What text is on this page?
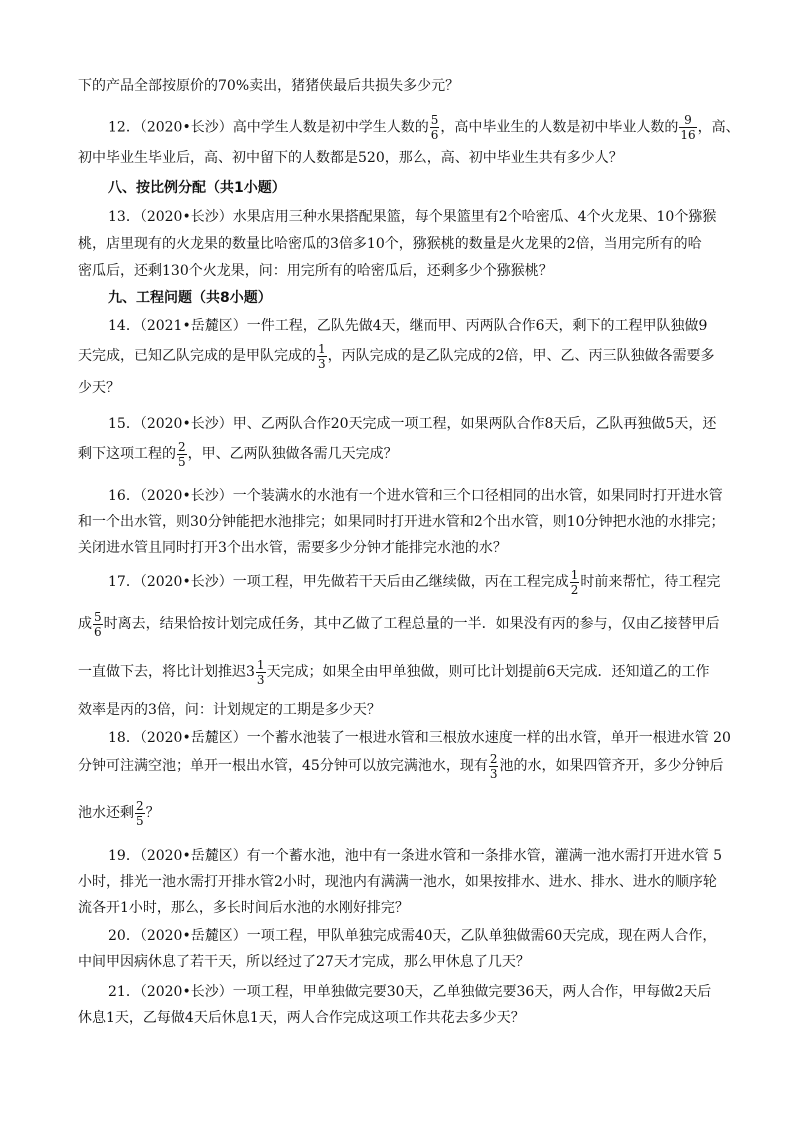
下的产品全部按原价的70%卖出，猪猪侠最后共损失多少元？
12．（2020•长沙）高中学生人数是初中学生人数的 $\frac{5}{6}$ ，高中毕业生的人数是初中毕业人数的 $\frac{9}{16}$ ，高、
初中毕业生毕业后，高、初中留下的人数都是520，那么，高、初中毕业生共有多少人？
八、按比例分配（共1小题）
13．（2020•长沙）水果店用三种水果搭配果篮，每个果篮里有2个哈密瓜、4个火龙果、10个猕猴
桃，店里现有的火龙果的数量比哈密瓜的3倍多10个，猕猴桃的数量是火龙果的2倍，当用完所有的哈
密瓜后，还剩130个火龙果，问：用完所有的哈密瓜后，还剩多少个猕猴桃？
九、工程问题（共8小题）
14．（2021•岳麓区）一件工程，乙队先做4天，继而甲、丙两队合作6天，剩下的工程甲队独做9
天完成，已知乙队完成的是甲队完成的 $\frac{1}{3}$ ，丙队完成的是乙队完成的2倍，甲、乙、丙三队独做各需要多
少天？
15．（2020•长沙）甲、乙两队合作20天完成一项工程，如果两队合作8天后，乙队再独做5天，还
剩下这项工程的 $\frac{2}{5}$ ，甲、乙两队独做各需几天完成？
16．（2020•长沙）一个装满水的水池有一个进水管和三个口径相同的出水管，如果同时打开进水管
和一个出水管，则30分钟能把水池排完；如果同时打开进水管和2个出水管，则10分钟把水池的水排完；
关闭进水管且同时打开3个出水管，需要多少分钟才能排完水池的水？
17．（2020•长沙）一项工程，甲先做若干天后由乙继续做，丙在工程完成 $\frac{1}{2}$ 时前来帮忙，待工程完
成 $\frac{5}{6}$ 时离去，结果恰按计划完成任务，其中乙做了工程总量的一半．如果没有丙的参与，仅由乙接替甲后
一直做下去，将比计划推迟$3 \frac{1}{3}$ 天完成；如果全由甲单独做，则可比计划提前6天完成．还知道乙的工作
效率是丙的3倍，问：计划规定的工期是多少天？
18．（2020•岳麓区）一个蓄水池装了一根进水管和三根放水速度一样的出水管，单开一根进水管 20
分钟可注满空池；单开一根出水管，45分钟可以放完满池水，现有 $\frac{2}{3}$ 池的水，如果四管齐开，多少分钟后
池水还剩 $\frac{2}{5}$ ？
19．（2020•岳麓区）有一个蓄水池，池中有一条进水管和一条排水管，灌满一池水需打开进水管 5
小时，排光一池水需打开排水管2小时，现池内有满满一池水，如果按排水、进水、排水、进水的顺序轮
流各开1小时，那么，多长时间后水池的水刚好排完？
20．（2020•岳麓区）一项工程，甲队单独完成需40天，乙队单独做需60天完成，现在两人合作，
中间甲因病休息了若干天，所以经过了27天才完成，那么甲休息了几天？
21．（2020•长沙）一项工程，甲单独做完要30天，乙单独做完要36天，两人合作，甲每做2天后
休息1天，乙每做4天后休息1天，两人合作完成这项工作共花去多少天？
